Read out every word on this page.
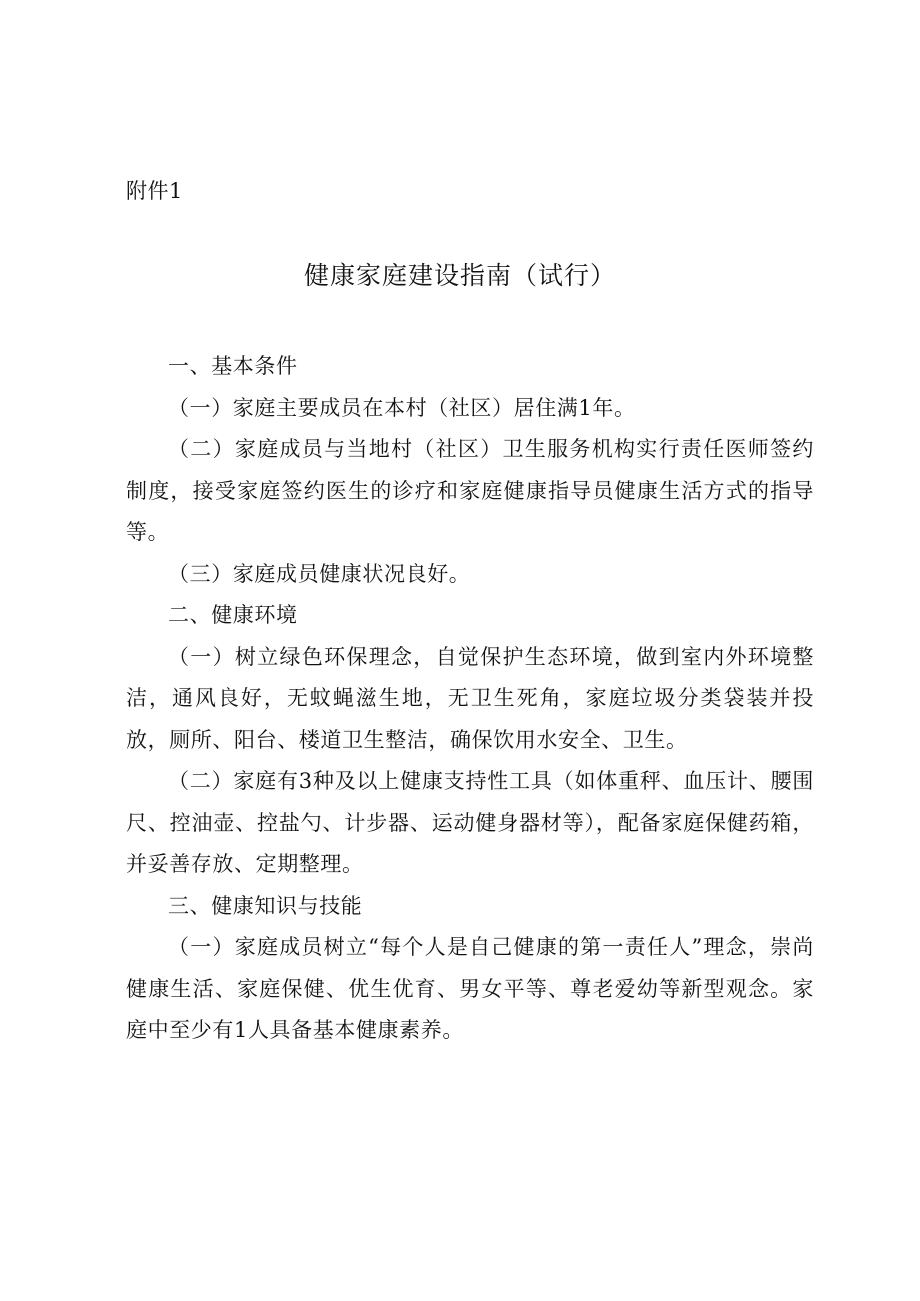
附件1
健康家庭建设指南（试行）
一、基本条件

（一）家庭主要成员在本村（社区）居住满1年。

（二）家庭成员与当地村（社区）卫生服务机构实行责任医师签约制度，接受家庭签约医生的诊疗和家庭健康指导员健康生活方式的指导等。

（三）家庭成员健康状况良好。

二、健康环境

（一）树立绿色环保理念，自觉保护生态环境，做到室内外环境整洁，通风良好，无蚊蝇滋生地，无卫生死角，家庭垃圾分类袋装并投放，厕所、阳台、楼道卫生整洁，确保饮用水安全、卫生。

（二）家庭有3种及以上健康支持性工具（如体重秤、血压计、腰围尺、控油壶、控盐勺、计步器、运动健身器材等），配备家庭保健药箱，并妥善存放、定期整理。

三、健康知识与技能

（一）家庭成员树立“每个人是自己健康的第一责任人”理念，崇尚健康生活、家庭保健、优生优育、男女平等、尊老爱幼等新型观念。家庭中至少有1人具备基本健康素养。
